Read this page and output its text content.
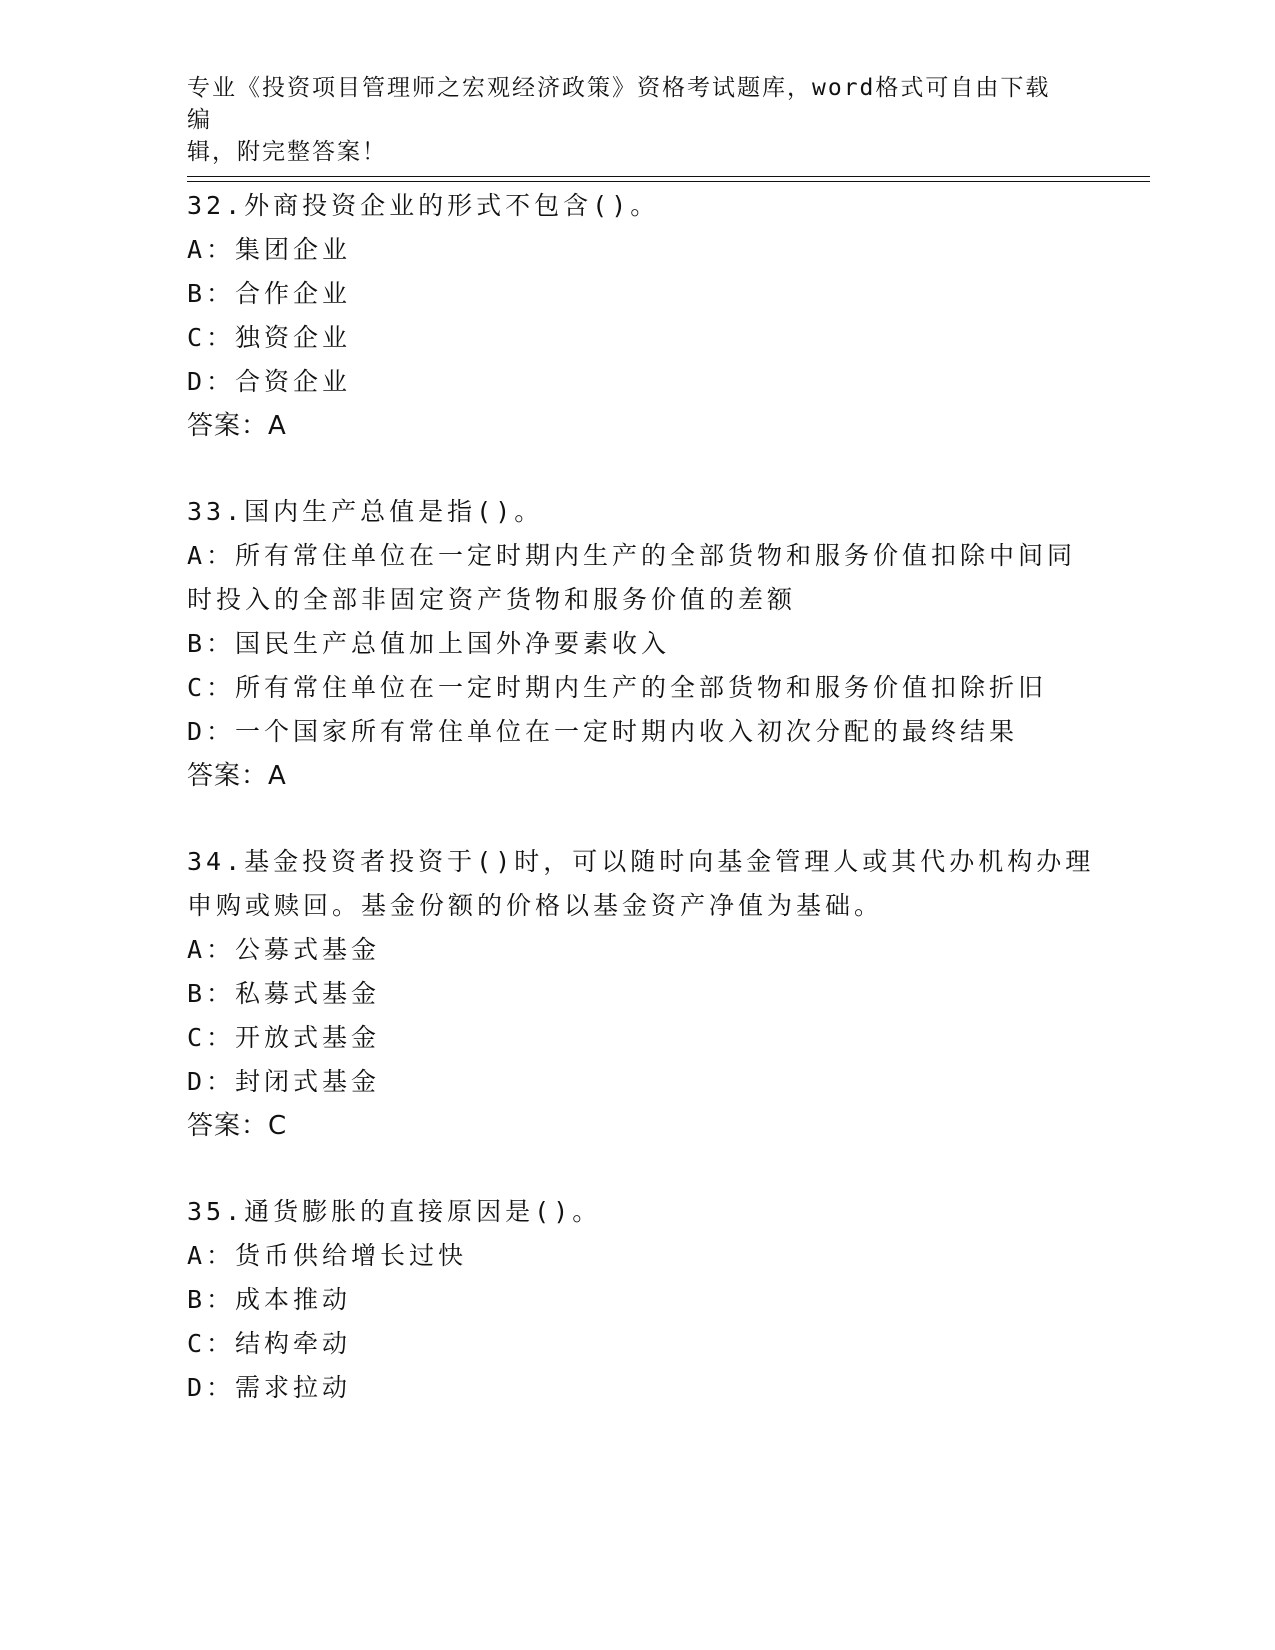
专业《投资项目管理师之宏观经济政策》资格考试题库，word格式可自由下载编
辑，附完整答案！
32.外商投资企业的形式不包含()。
A：集团企业
B：合作企业
C：独资企业
D：合资企业
答案：A
33.国内生产总值是指()。
A：所有常住单位在一定时期内生产的全部货物和服务价值扣除中间同
时投入的全部非固定资产货物和服务价值的差额
B：国民生产总值加上国外净要素收入
C：所有常住单位在一定时期内生产的全部货物和服务价值扣除折旧
D：一个国家所有常住单位在一定时期内收入初次分配的最终结果
答案：A
34.基金投资者投资于()时，可以随时向基金管理人或其代办机构办理
申购或赎回。基金份额的价格以基金资产净值为基础。
A：公募式基金
B：私募式基金
C：开放式基金
D：封闭式基金
答案：C
35.通货膨胀的直接原因是()。
A：货币供给增长过快
B：成本推动
C：结构牵动
D：需求拉动
